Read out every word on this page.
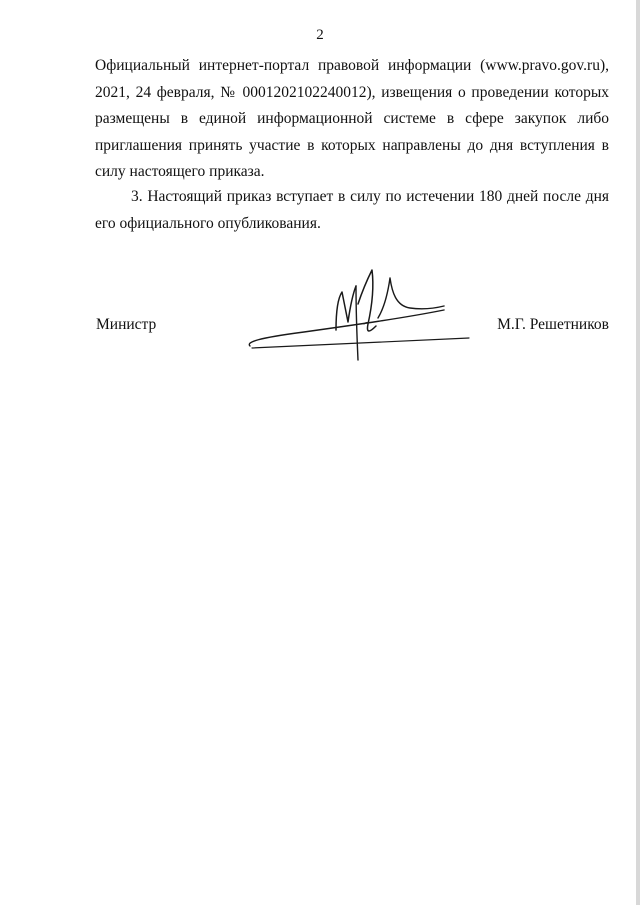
2

Официальный интернет-портал правовой информации (www.pravo.gov.ru), 2021, 24 февраля, № 0001202102240012), извещения о проведении которых размещены в единой информационной системе в сфере закупок либо приглашения принять участие в которых направлены до дня вступления в силу настоящего приказа.

3. Настоящий приказ вступает в силу по истечении 180 дней после дня его официального опубликования.

Министр	М.Г. Решетников
